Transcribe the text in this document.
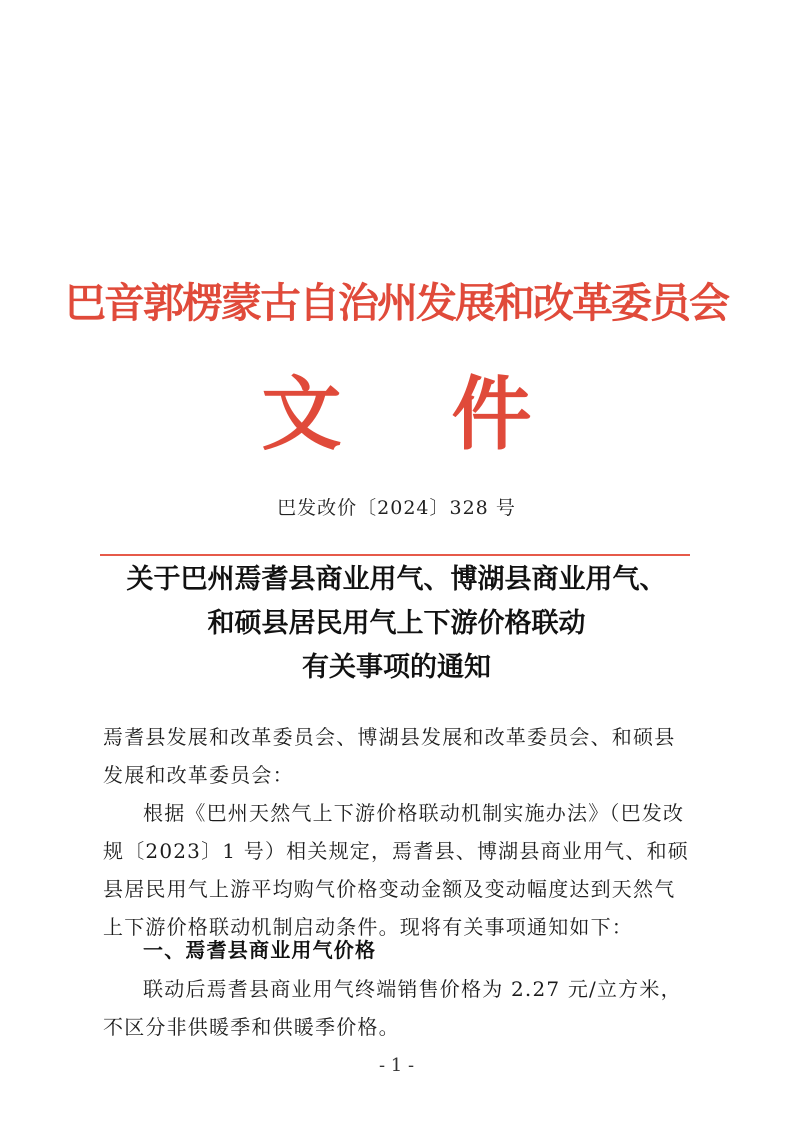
巴音郭楞蒙古自治州发展和改革委员会
文件
巴发改价〔2024〕328 号
关于巴州焉耆县商业用气、博湖县商业用气、
和硕县居民用气上下游价格联动
有关事项的通知
焉耆县发展和改革委员会、博湖县发展和改革委员会、和硕县发展和改革委员会：
根据《巴州天然气上下游价格联动机制实施办法》（巴发改规〔2023〕1 号）相关规定，焉耆县、博湖县商业用气、和硕县居民用气上游平均购气价格变动金额及变动幅度达到天然气上下游价格联动机制启动条件。现将有关事项通知如下：
一、焉耆县商业用气价格
联动后焉耆县商业用气终端销售价格为 2.27 元/立方米，不区分非供暖季和供暖季价格。
- 1 -
